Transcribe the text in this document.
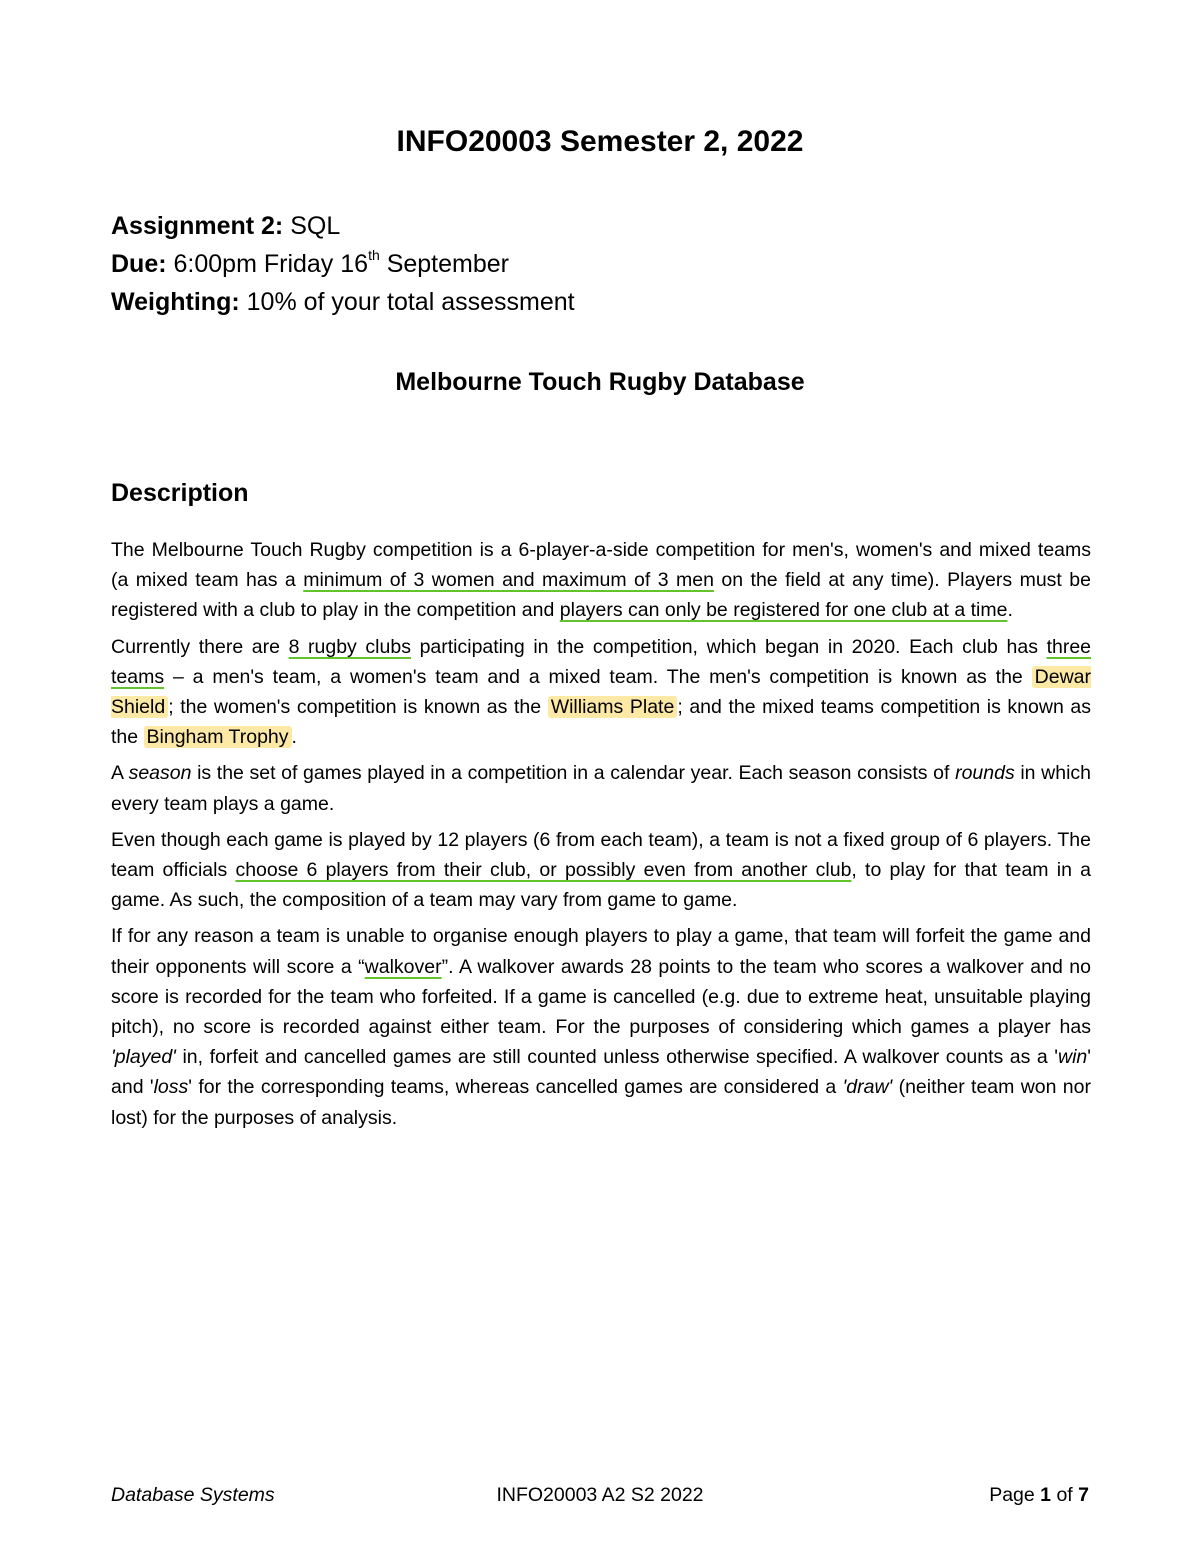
INFO20003 Semester 2, 2022
Assignment 2: SQL
Due: 6:00pm Friday 16th September
Weighting: 10% of your total assessment
Melbourne Touch Rugby Database
Description

The Melbourne Touch Rugby competition is a 6-player-a-side competition for men's, women's and mixed teams (a mixed team has a minimum of 3 women and maximum of 3 men on the field at any time). Players must be registered with a club to play in the competition and players can only be registered for one club at a time.

Currently there are 8 rugby clubs participating in the competition, which began in 2020. Each club has three teams – a men's team, a women's team and a mixed team. The men's competition is known as the Dewar Shield ; the women's competition is known as the Williams Plate ; and the mixed teams competition is known as the Bingham Trophy .

A season is the set of games played in a competition in a calendar year. Each season consists of rounds in which every team plays a game.

Even though each game is played by 12 players (6 from each team), a team is not a fixed group of 6 players. The team officials choose 6 players from their club, or possibly even from another club, to play for that team in a game. As such, the composition of a team may vary from game to game.

If for any reason a team is unable to organise enough players to play a game, that team will forfeit the game and their opponents will score a “walkover”. A walkover awards 28 points to the team who scores a walkover and no score is recorded for the team who forfeited. If a game is cancelled (e.g. due to extreme heat, unsuitable playing pitch), no score is recorded against either team. For the purposes of considering which games a player has 'played' in, forfeit and cancelled games are still counted unless otherwise specified. A walkover counts as a 'win' and 'loss' for the corresponding teams, whereas cancelled games are considered a 'draw' (neither team won nor lost) for the purposes of analysis.

Database Systems	INFO20003 A2 S2 2022	Page 1 of 7
